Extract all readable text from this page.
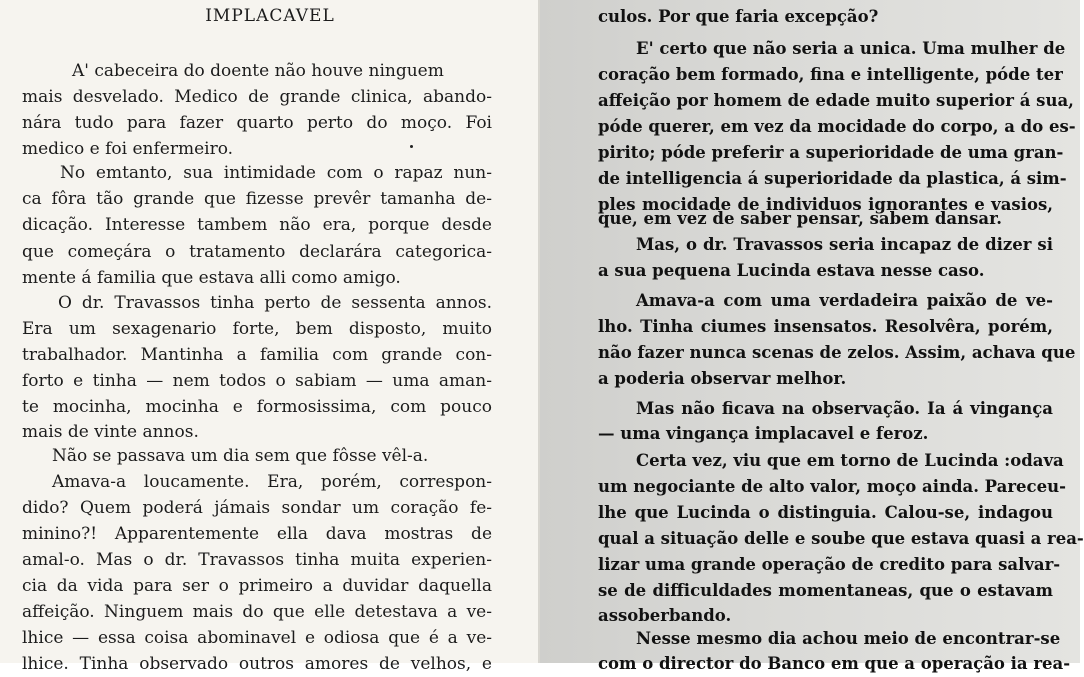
IMPLACAVEL
A' cabeceira do doente não houve ninguem
mais desvelado. Medico de grande clinica, abando-
nára tudo para fazer quarto perto do moço. Foi
medico e foi enfermeiro.
No emtanto, sua intimidade com o rapaz nun-
ca fôra tão grande que fizesse prevêr tamanha de-
dicação. Interesse tambem não era, porque desde
que começára o tratamento declarára categorica-
mente á familia que estava alli como amigo.
O dr. Travassos tinha perto de sessenta annos.
Era um sexagenario forte, bem disposto, muito
trabalhador. Mantinha a familia com grande con-
forto e tinha — nem todos o sabiam — uma aman-
te mocinha, mocinha e formosissima, com pouco
mais de vinte annos.
Não se passava um dia sem que fôsse vêl-a.
Amava-a loucamente. Era, porém, correspon-
dido? Quem poderá jámais sondar um coração fe-
minino?! Apparentemente ella dava mostras de
amal-o. Mas o dr. Travassos tinha muita experien-
cia da vida para ser o primeiro a duvidar daquella
affeição. Ninguem mais do que elle detestava a ve-
lhice — essa coisa abominavel e odiosa que é a ve-
lhice. Tinha observado outros amores de velhos, e
culos. Por que faria excepção?
E' certo que não seria a unica. Uma mulher de
coração bem formado, fina e intelligente, póde ter
affeição por homem de edade muito superior á sua,
póde querer, em vez da mocidade do corpo, a do es-
pirito; póde preferir a superioridade de uma gran-
de intelligencia á superioridade da plastica, á sim-
ples mocidade de individuos ignorantes e vasios,
que, em vez de saber pensar, sabem dansar.
Mas, o dr. Travassos seria incapaz de dizer si
a sua pequena Lucinda estava nesse caso.
Amava-a com uma verdadeira paixão de ve-
lho. Tinha ciumes insensatos. Resolvêra, porém,
não fazer nunca scenas de zelos. Assim, achava que
a poderia observar melhor.
Mas não ficava na observação. Ia á vingança
— uma vingança implacavel e feroz.
Certa vez, viu que em torno de Lucinda :odava
um negociante de alto valor, moço ainda. Pareceu-
lhe que Lucinda o distinguia. Calou-se, indagou
qual a situação delle e soube que estava quasi a rea-
lizar uma grande operação de credito para salvar-
se de difficuldades momentaneas, que o estavam
assoberbando.
Nesse mesmo dia achou meio de encontrar-se
com o director do Banco em que a operação ia rea-
